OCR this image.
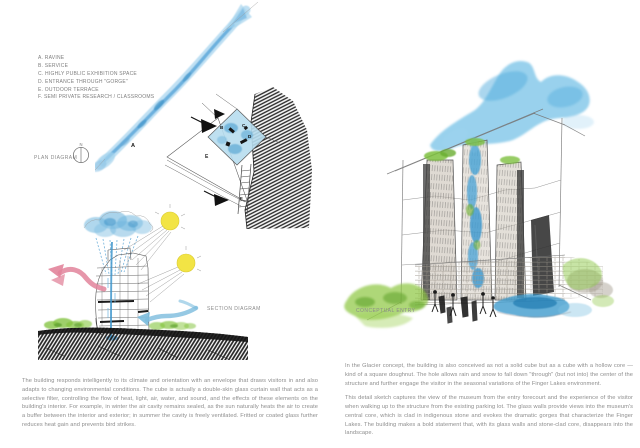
A. RAVINE
B. SERVICE
C. HIGHLY PUBLIC EXHIBITION SPACE
D. ENTRANCE THROUGH "GORGE"
E. OUTDOOR TERRACE
F. SEMI PRIVATE RESEARCH / CLASSROOMS
PLAN DIAGRAM
N	A
E
C
D
B
F
SECTION DIAGRAM
The building responds intelligently to its climate and orientation with an envelope that draws visitors in and also adapts to changing environmental conditions. The cube is actually a double-skin glass curtain wall that acts as a selective filter, controlling the flow of heat, light, air, water, and sound, and the effects of these elements on the building's interior. For example, in winter the air cavity remains sealed, as the sun naturally heats the air to create a buffer between the interior and exterior; in summer the cavity is freely ventilated. Fritted or coated glass further reduces heat gain and prevents bird strikes.
CONCEPTUAL ENTRY
In the Glacier concept, the building is also conceived as not a solid cube but as a cube with a hollow core — kind of a square doughnut. The hole allows rain and snow to fall down "through" (but not into) the center of the structure and further engage the visitor in the seasonal variations of the Finger Lakes environment.
This detail sketch captures the view of the museum from the entry forecourt and the experience of the visitor when walking up to the structure from the existing parking lot. The glass walls provide views into the museum's central core, which is clad in indigenous stone and evokes the dramatic gorges that characterize the Finger Lakes. The building makes a bold statement that, with its glass walls and stone-clad core, disappears into the landscape.
